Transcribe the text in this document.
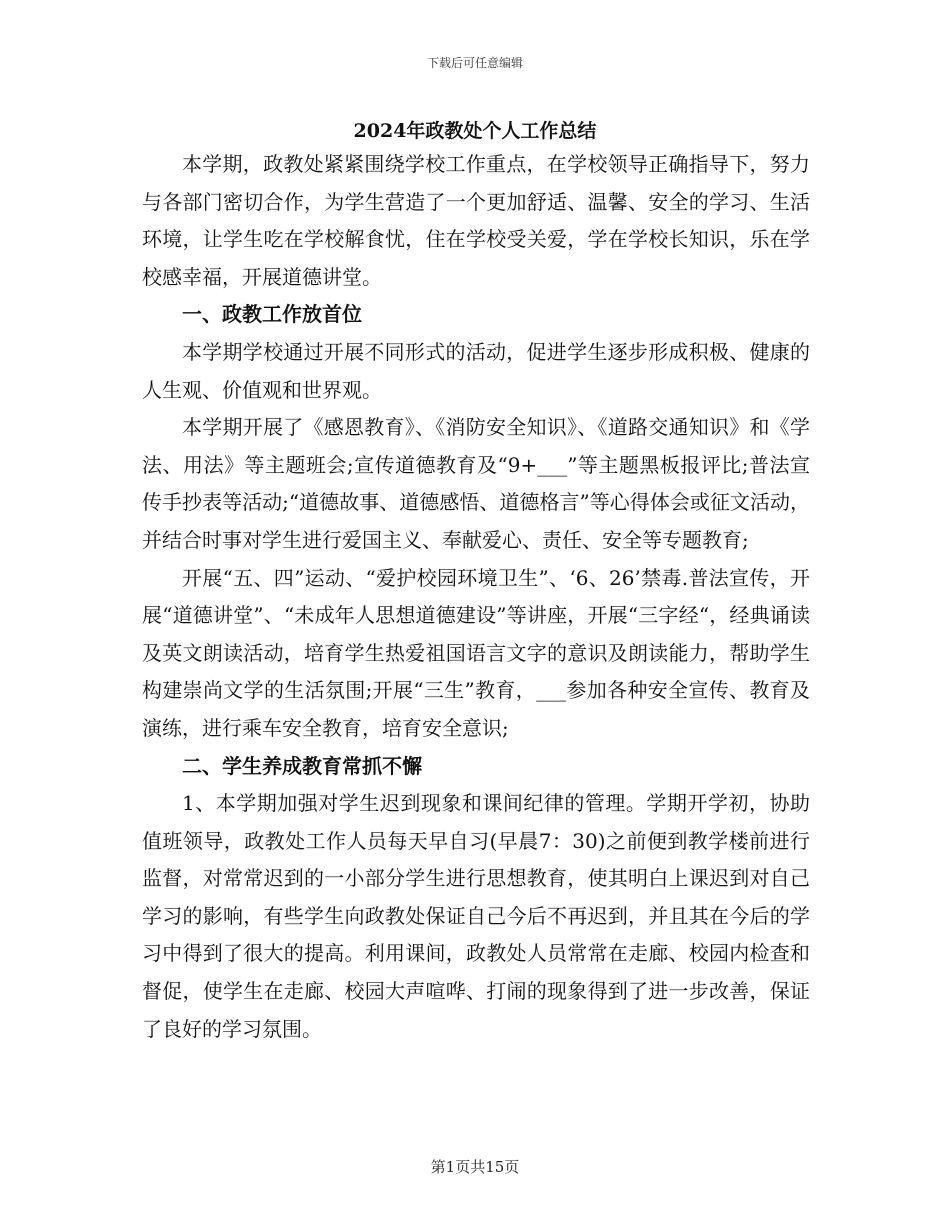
下载后可任意编辑
2024年政教处个人工作总结

本学期，政教处紧紧围绕学校工作重点，在学校领导正确指导下，努力与各部门密切合作，为学生营造了一个更加舒适、温馨、安全的学习、生活环境，让学生吃在学校解食忧，住在学校受关爱，学在学校长知识，乐在学校感幸福，开展道德讲堂。

一、政教工作放首位

本学期学校通过开展不同形式的活动，促进学生逐步形成积极、健康的人生观、价值观和世界观。

本学期开展了《感恩教育》、《消防安全知识》、《道路交通知识》和《学法、用法》等主题班会;宣传道德教育及“9+___”等主题黑板报评比;普法宣传手抄表等活动;“道德故事、道德感悟、道德格言”等心得体会或征文活动，并结合时事对学生进行爱国主义、奉献爱心、责任、安全等专题教育;

开展“五、四”运动、“爱护校园环境卫生”、‘6、26’禁毒.普法宣传，开展“道德讲堂”、“未成年人思想道德建设”等讲座，开展“三字经“，经典诵读及英文朗读活动，培育学生热爱祖国语言文字的意识及朗读能力，帮助学生构建崇尚文学的生活氛围;开展“三生”教育，___参加各种安全宣传、教育及演练，进行乘车安全教育，培育安全意识;

二、学生养成教育常抓不懈

1、本学期加强对学生迟到现象和课间纪律的管理。学期开学初，协助值班领导，政教处工作人员每天早自习(早晨7：30)之前便到教学楼前进行监督，对常常迟到的一小部分学生进行思想教育，使其明白上课迟到对自己学习的影响，有些学生向政教处保证自己今后不再迟到，并且其在今后的学习中得到了很大的提高。利用课间，政教处人员常常在走廊、校园内检查和督促，使学生在走廊、校园大声喧哗、打闹的现象得到了进一步改善，保证了良好的学习氛围。

第1页共15页
